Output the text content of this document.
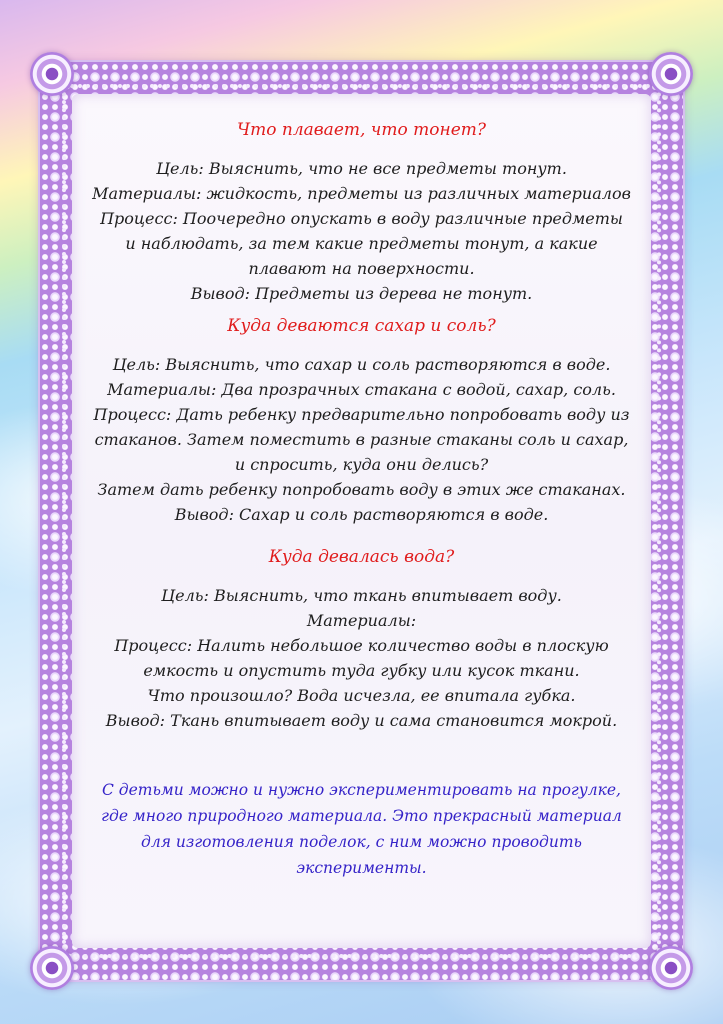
Что плавает, что тонет?

Цель: Выяснить, что не все предметы тонут.

Материалы: жидкость, предметы из различных материалов

Процесс: Поочередно опускать в воду различные предметы

и наблюдать, за тем какие предметы тонут, а какие

плавают на поверхности.

Вывод: Предметы из дерева не тонут.

Куда деваются сахар и соль?

Цель: Выяснить, что сахар и соль растворяются в воде.

Материалы: Два прозрачных стакана с водой, сахар, соль.

Процесс: Дать ребенку предварительно попробовать воду из

стаканов. Затем поместить в разные стаканы соль и сахар,

и спросить, куда они делись?

Затем дать ребенку попробовать воду в этих же стаканах.

Вывод: Сахар и соль растворяются в воде.

Куда девалась вода?

Цель: Выяснить, что ткань впитывает воду.

Материалы:

Процесс: Налить небольшое количество воды в плоскую

емкость и опустить туда губку или кусок ткани.

Что произошло? Вода исчезла, ее впитала губка.

Вывод: Ткань впитывает воду и сама становится мокрой.

С детьми можно и нужно экспериментировать на прогулке,

где много природного материала. Это прекрасный материал

для изготовления поделок, с ним можно проводить

эксперименты.
